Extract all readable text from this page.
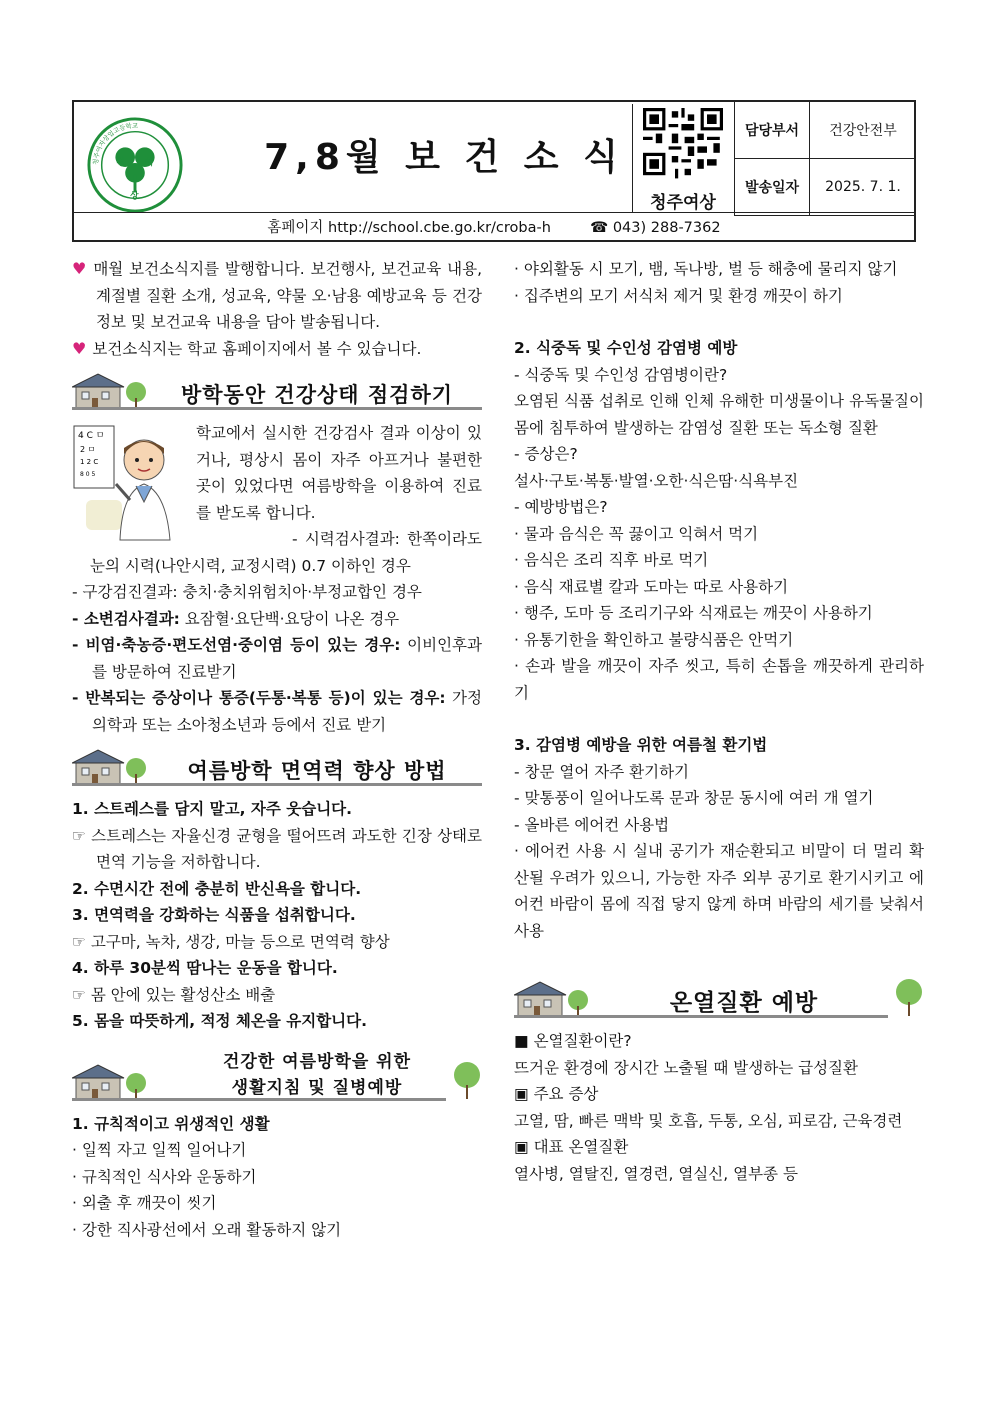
청주여자상업고등학교
청 여
상
7,8월 보 건 소 식
청주여상
담당부서	건강안전부
발송일자	2025. 7. 1.
홈페이지 http://school.cbe.go.kr/croba-h	☎ 043) 288-7362

♥ 매월 보건소식지를 발행합니다. 보건행사, 보건교육 내용, 계절별 질환 소개, 성교육, 약물 오·남용 예방교육 등 건강정보 및 보건교육 내용을 담아 발송됩니다.

♥ 보건소식지는 학교 홈페이지에서 볼 수 있습니다.

방학동안 건강상태 점검하기
4 C ㅁ
2 ㅁ
1 2 C
8 0 5

학교에서 실시한 건강검사 결과 이상이 있거나, 평상시 몸이 자주 아프거나 불편한 곳이 있었다면 여름방학을 이용하여 진료를 받도록 합니다.

- 시력검사결과: 한쪽이라도 눈의 시력(나안시력, 교정시력) 0.7 이하인 경우

- 구강검진결과: 충치·충치위험치아·부정교합인 경우

- 소변검사결과: 요잠혈·요단백·요당이 나온 경우

- 비염·축농증·편도선염·중이염 등이 있는 경우: 이비인후과를 방문하여 진료받기

- 반복되는 증상이나 통증(두통·복통 등)이 있는 경우: 가정의학과 또는 소아청소년과 등에서 진료 받기

여름방학 면역력 향상 방법

1. 스트레스를 담지 말고, 자주 웃습니다.

☞ 스트레스는 자율신경 균형을 떨어뜨려 과도한 긴장 상태로 면역 기능을 저하합니다.

2. 수면시간 전에 충분히 반신욕을 합니다.

3. 면역력을 강화하는 식품을 섭취합니다.

☞ 고구마, 녹차, 생강, 마늘 등으로 면역력 향상

4. 하루 30분씩 땀나는 운동을 합니다.

☞ 몸 안에 있는 활성산소 배출

5. 몸을 따뜻하게, 적정 체온을 유지합니다.

건강한 여름방학을 위한
생활지침 및 질병예방

1. 규칙적이고 위생적인 생활

· 일찍 자고 일찍 일어나기

· 규칙적인 식사와 운동하기

· 외출 후 깨끗이 씻기

· 강한 직사광선에서 오래 활동하지 않기

· 야외활동 시 모기, 뱀, 독나방, 벌 등 해충에 물리지 않기

· 집주변의 모기 서식처 제거 및 환경 깨끗이 하기

2. 식중독 및 수인성 감염병 예방

- 식중독 및 수인성 감염병이란?

오염된 식품 섭취로 인해 인체 유해한 미생물이나 유독물질이 몸에 침투하여 발생하는 감염성 질환 또는 독소형 질환

- 증상은?

설사·구토·복통·발열·오한·식은땀·식욕부진

- 예방방법은?

· 물과 음식은 꼭 끓이고 익혀서 먹기

· 음식은 조리 직후 바로 먹기

· 음식 재료별 칼과 도마는 따로 사용하기

· 행주, 도마 등 조리기구와 식재료는 깨끗이 사용하기

· 유통기한을 확인하고 불량식품은 안먹기

· 손과 발을 깨끗이 자주 씻고, 특히 손톱을 깨끗하게 관리하기

3. 감염병 예방을 위한 여름철 환기법

- 창문 열어 자주 환기하기

- 맞통풍이 일어나도록 문과 창문 동시에 여러 개 열기

- 올바른 에어컨 사용법

· 에어컨 사용 시 실내 공기가 재순환되고 비말이 더 멀리 확산될 우려가 있으니, 가능한 자주 외부 공기로 환기시키고 에어컨 바람이 몸에 직접 닿지 않게 하며 바람의 세기를 낮춰서 사용

온열질환 예방

■ 온열질환이란?

뜨거운 환경에 장시간 노출될 때 발생하는 급성질환

▣ 주요 증상

고열, 땀, 빠른 맥박 및 호흡, 두통, 오심, 피로감, 근육경련

▣ 대표 온열질환

열사병, 열탈진, 열경련, 열실신, 열부종 등
